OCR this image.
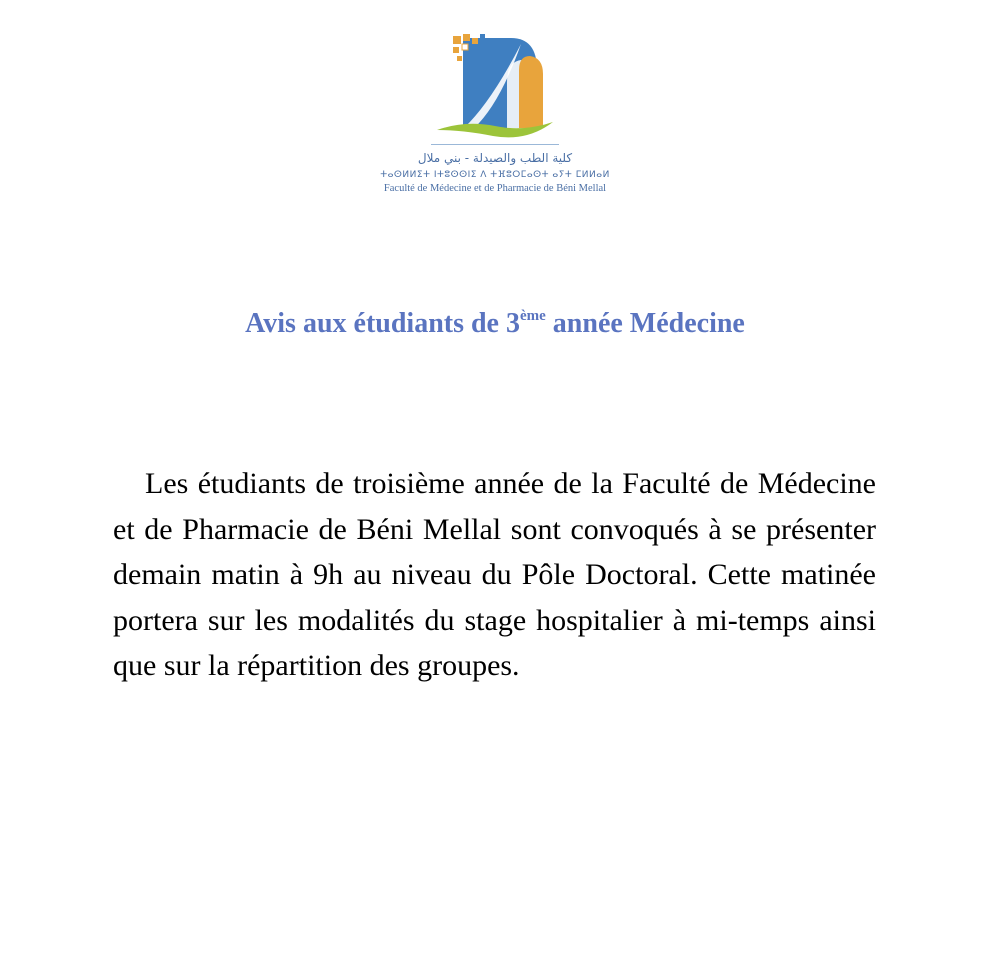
كلية الطب والصيدلة - بني ملال
ⵜⴰⵙⵍⵍⵉⵜ ⵏⵜⵓⵙⵙⵏⵉ ⴷ ⵜⴼⵓⵔⵎⴰⵙⵜ ⴰⵢⵜ ⵎⵍⵍⴰⵍ
Faculté de Médecine et de Pharmacie de Béni Mellal
Avis aux étudiants de 3ème année Médecine

Les étudiants de troisième année de la Faculté de Médecine et de Pharmacie de Béni Mellal sont convoqués à se présenter demain matin à 9h au niveau du Pôle Doctoral. Cette matinée portera sur les modalités du stage hospitalier à mi-temps ainsi que sur la répartition des groupes.
